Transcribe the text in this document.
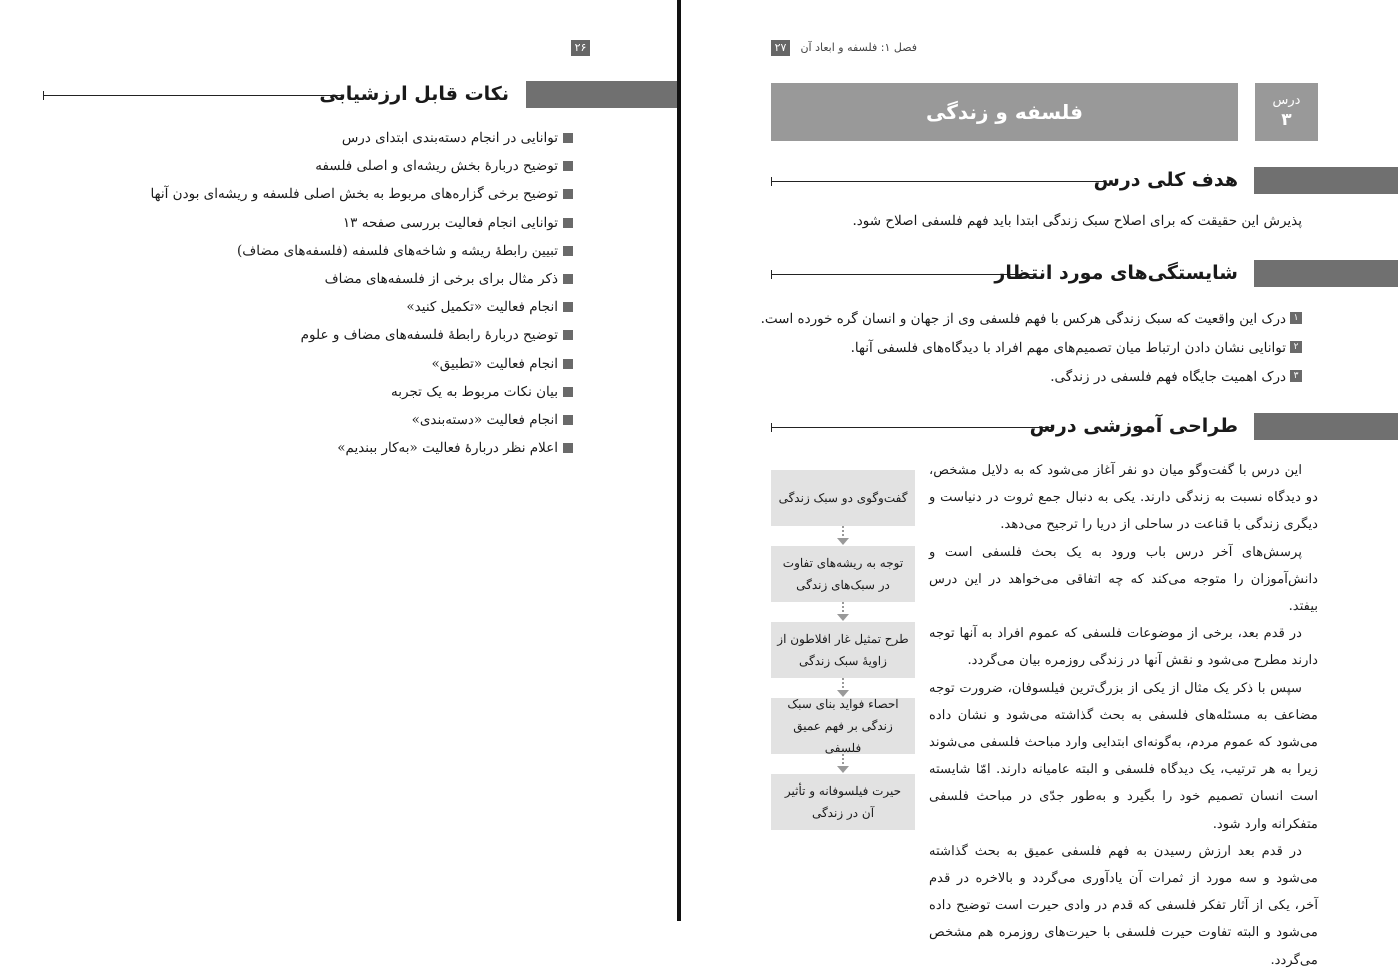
۲۶
نکات قابل ارزشیابی
توانایی در انجام دسته‌بندی ابتدای درس
توضیح دربارهٔ بخش ریشه‌ای و اصلی فلسفه
توضیح برخی گزاره‌های مربوط به بخش اصلی فلسفه و ریشه‌ای بودن آنها
توانایی انجام فعالیت بررسی صفحه ۱۳
تبیین رابطهٔ ریشه و شاخه‌های فلسفه (فلسفه‌های مضاف)
ذکر مثال برای برخی از فلسفه‌های مضاف
انجام فعالیت «تکمیل کنید»
توضیح دربارهٔ رابطهٔ فلسفه‌های مضاف و علوم
انجام فعالیت «تطبیق»
بیان نکات مربوط به یک تجربه
انجام فعالیت «دسته‌بندی»
اعلام نظر دربارهٔ فعالیت «به‌کار ببندیم»
۲۷	فصل ۱: فلسفه و ابعاد آن
فلسفه و زندگی	درس
۳
هدف کلی درس

پذیرش این حقیقت که برای اصلاح سبک زندگی ابتدا باید فهم فلسفی اصلاح شود.

شایستگی‌های مورد انتظار
۱
درک این واقعیت که سبک زندگی هرکس با فهم فلسفی وی از جهان و انسان گره خورده است.
۲
توانایی نشان دادن ارتباط میان تصمیم‌های مهم افراد با دیدگاه‌های فلسفی آنها.
۳
درک اهمیت جایگاه فهم فلسفی در زندگی.
طراحی آموزشی درس
گفت‌وگوی دو سبک زندگی
توجه به ریشه‌های تفاوت در سبک‌های زندگی
طرح تمثیل غار افلاطون از زاویهٔ سبک زندگی
احصاء فواید بنای سبک زندگی بر فهم عمیق فلسفی
حیرت فیلسوفانه و تأثیر آن در زندگی

این درس با گفت‌وگو میان دو نفر آغاز می‌شود که به دلایل مشخص، دو دیدگاه نسبت به زندگی دارند. یکی به دنبال جمع ثروت در دنیاست و دیگری زندگی با قناعت در ساحلی از دریا را ترجیح می‌دهد.

پرسش‌های آخر درس باب ورود به یک بحث فلسفی است و دانش‌آموزان را متوجه می‌کند که چه اتفاقی می‌خواهد در این درس بیفتد.

در قدم بعد، برخی از موضوعات فلسفی که عموم افراد به آنها توجه دارند مطرح می‌شود و نقش آنها در زندگی روزمره بیان می‌گردد.

سپس با ذکر یک مثال از یکی از بزرگ‌ترین فیلسوفان، ضرورت توجه مضاعف به مسئله‌های فلسفی به بحث گذاشته می‌شود و نشان داده می‌شود که عموم مردم، به‌گونه‌ای ابتدایی وارد مباحث فلسفی می‌شوند زیرا به هر ترتیب، یک دیدگاه فلسفی و البته عامیانه دارند. امّا شایسته است انسان تصمیم خود را بگیرد و به‌طور جدّی در مباحث فلسفی متفکرانه وارد شود.

در قدم بعد ارزش رسیدن به فهم فلسفی عمیق به بحث گذاشته می‌شود و سه مورد از ثمرات آن یادآوری می‌گردد و بالاخره در قدم آخر، یکی از آثار تفکر فلسفی که قدم در وادی حیرت است توضیح داده می‌شود و البته تفاوت حیرت فلسفی با حیرت‌های روزمره هم مشخص می‌گردد.
